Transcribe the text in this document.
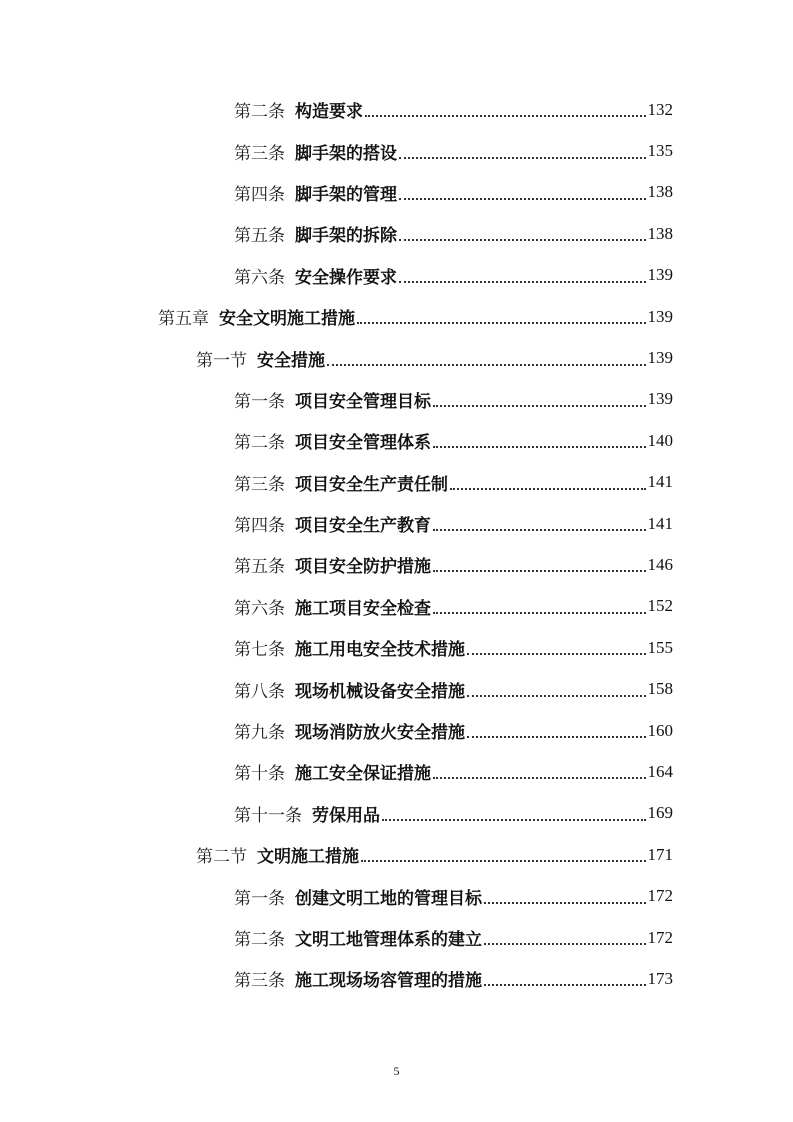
第二条 构造要求	132
第三条 脚手架的搭设	135
第四条 脚手架的管理	138
第五条 脚手架的拆除	138
第六条 安全操作要求	139
第五章 安全文明施工措施	139
第一节 安全措施	139
第一条 项目安全管理目标	139
第二条 项目安全管理体系	140
第三条 项目安全生产责任制	141
第四条 项目安全生产教育	141
第五条 项目安全防护措施	146
第六条 施工项目安全检查	152
第七条 施工用电安全技术措施	155
第八条 现场机械设备安全措施	158
第九条 现场消防放火安全措施	160
第十条 施工安全保证措施	164
第十一条 劳保用品	169
第二节 文明施工措施	171
第一条 创建文明工地的管理目标	172
第二条 文明工地管理体系的建立	172
第三条 施工现场场容管理的措施	173
5
